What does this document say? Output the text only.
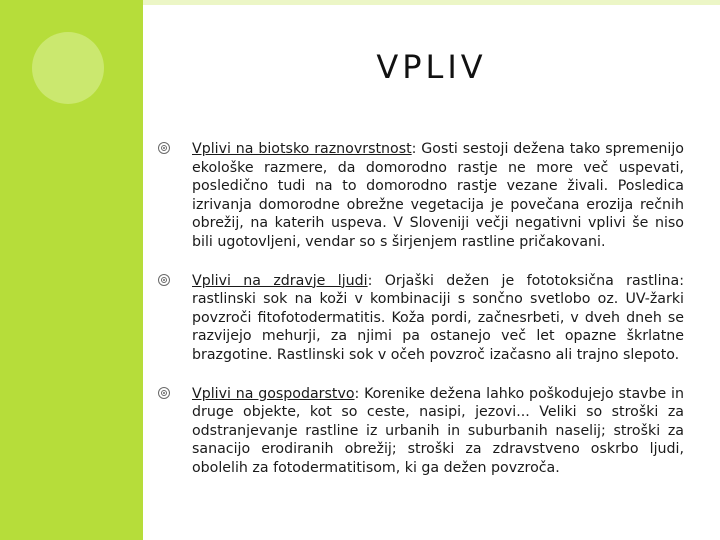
VPLIV
Vplivi na biotsko raznovrstnost: Gosti sestoji dežena tako spremenijo ekološke razmere, da domorodno rastje ne more več uspevati, posledično tudi na to domorodno rastje vezane živali. Posledica izrivanja domorodne obrežne vegetacija je povečana erozija rečnih obrežij, na katerih uspeva. V Sloveniji večji negativni vplivi še niso bili ugotovljeni, vendar so s širjenjem rastline pričakovani.
Vplivi na zdravje ljudi: Orjaški dežen je fototoksična rastlina: rastlinski sok na koži v kombinaciji s sončno svetlobo oz. UV-žarki povzroči fitofotodermatitis. Koža pordi, začnesrbeti, v dveh dneh se razvijejo mehurji, za njimi pa ostanejo več let opazne škrlatne brazgotine. Rastlinski sok v očeh povzroč izačasno ali trajno slepoto.
Vplivi na gospodarstvo: Korenike dežena lahko poškodujejo stavbe in druge objekte, kot so ceste, nasipi, jezovi... Veliki so stroški za odstranjevanje rastline iz urbanih in suburbanih naselij; stroški za sanacijo erodiranih obrežij; stroški za zdravstveno oskrbo ljudi, obolelih za fotodermatitisom, ki ga dežen povzroča.
